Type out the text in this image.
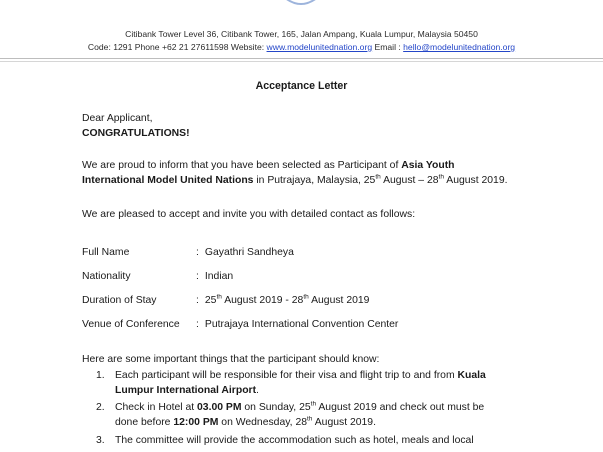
Citibank Tower Level 36, Citibank Tower, 165, Jalan Ampang, Kuala Lumpur, Malaysia 50450
Code: 1291 Phone +62 21 27611598 Website: www.modelunitednation.org Email : hello@modelunitednation.org
Acceptance Letter
Dear Applicant,
CONGRATULATIONS!
We are proud to inform that you have been selected as Participant of Asia Youth
International Model United Nations in Putrajaya, Malaysia, 25th August – 28th August 2019.
We are pleased to accept and invite you with detailed contact as follows:
Full Name	: Gayathri Sandheya
Nationality	: Indian
Duration of Stay	: 25th August 2019 - 28th August 2019
Venue of Conference : Putrajaya International Convention Center
Here are some important things that the participant should know:
1. Each participant will be responsible for their visa and flight trip to and from Kuala
Lumpur International Airport.
2. Check in Hotel at 03.00 PM on Sunday, 25th August 2019 and check out must be
done before 12:00 PM on Wednesday, 28th August 2019.
3. The committee will provide the accommodation such as hotel, meals and local
